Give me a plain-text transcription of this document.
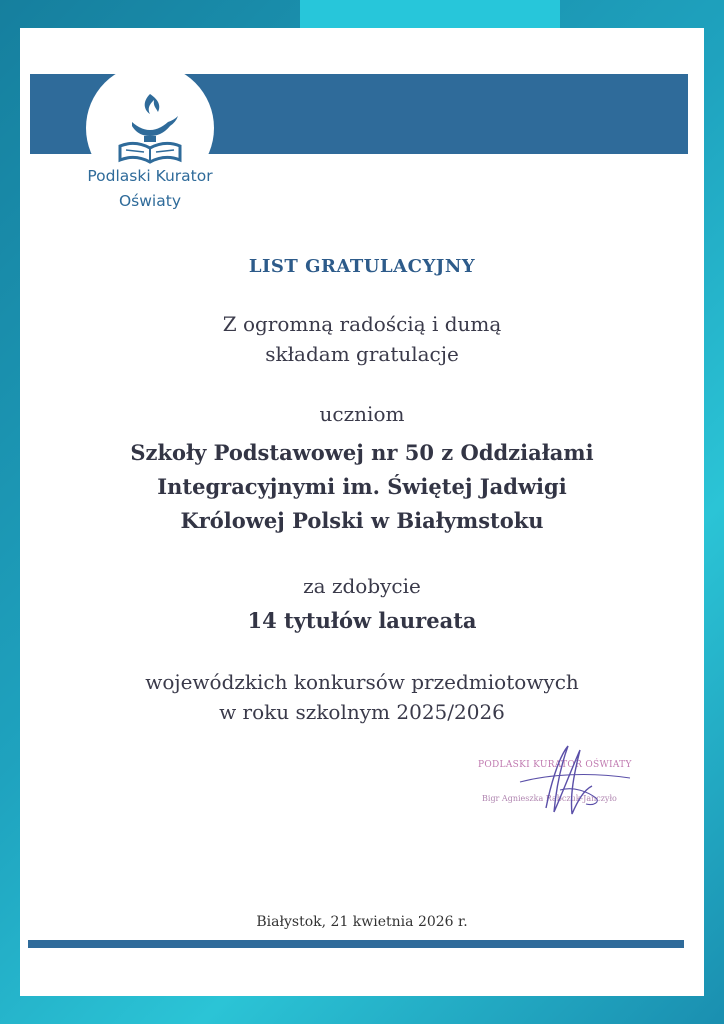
Podlaski Kurator
Oświaty
LIST GRATULACYJNY
Z ogromną radością i dumą
składam gratulacje
uczniom
Szkoły Podstawowej nr 50 z Oddziałami
Integracyjnymi im. Świętej Jadwigi
Królowej Polski w Białymstoku
za zdobycie
14 tytułów laureata
wojewódzkich konkursów przedmiotowych
w roku szkolnym 2025/2026
PODLASKI KURATOR OŚWIATY
Bigr Agnieszka Rabczuk-Janczyło
Białystok, 21 kwietnia 2026 r.
